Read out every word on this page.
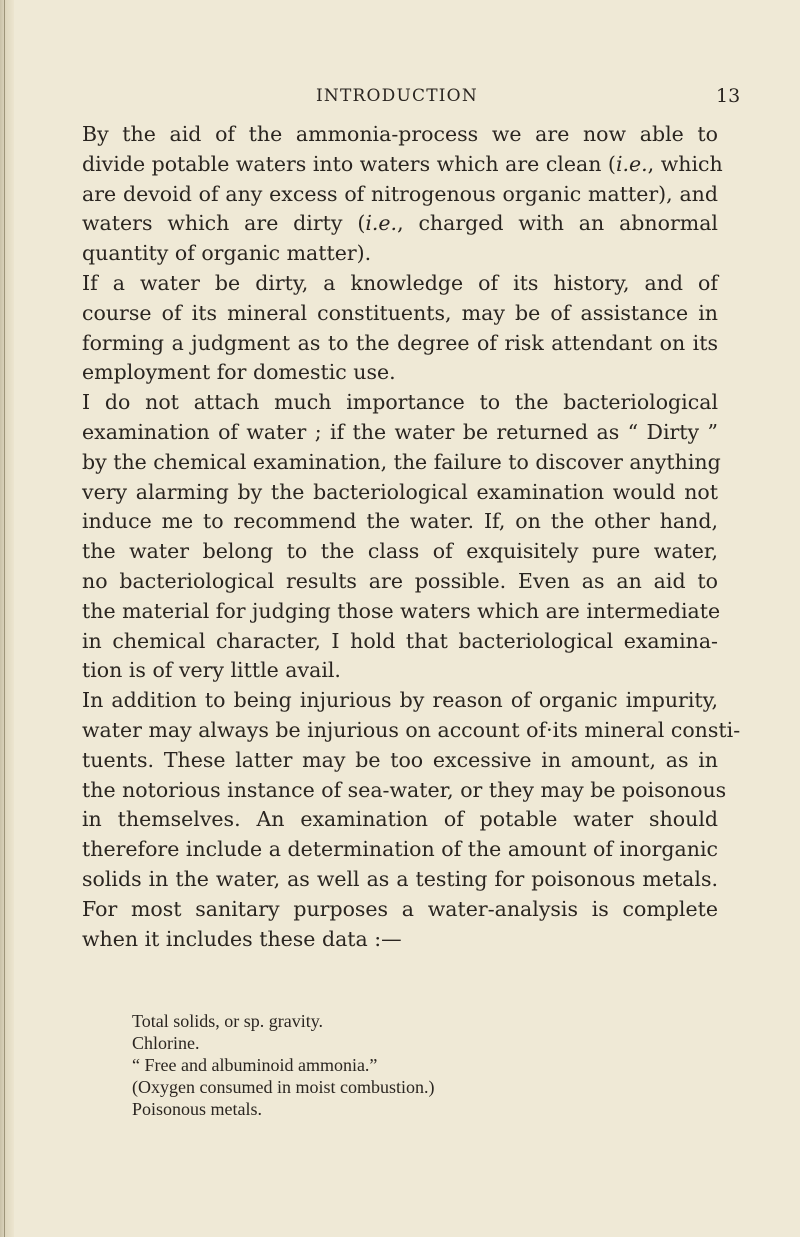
INTRODUCTION	13
By the aid of the ammonia-process we are now able to
divide potable waters into waters which are clean (i.e., which
are devoid of any excess of nitrogenous organic matter), and
waters which are dirty (i.e., charged with an abnormal
quantity of organic matter).
If a water be dirty, a knowledge of its history, and of
course of its mineral constituents, may be of assistance in
forming a judgment as to the degree of risk attendant on its
employment for domestic use.
I do not attach much importance to the bacteriological
examination of water ; if the water be returned as “ Dirty ”
by the chemical examination, the failure to discover anything
very alarming by the bacteriological examination would not
induce me to recommend the water. If, on the other hand,
the water belong to the class of exquisitely pure water,
no bacteriological results are possible. Even as an aid to
the material for judging those waters which are intermediate
in chemical character, I hold that bacteriological examina-
tion is of very little avail.
In addition to being injurious by reason of organic impurity,
water may always be injurious on account of·its mineral consti-
tuents. These latter may be too excessive in amount, as in
the notorious instance of sea-water, or they may be poisonous
in themselves. An examination of potable water should
therefore include a determination of the amount of inorganic
solids in the water, as well as a testing for poisonous metals.
For most sanitary purposes a water-analysis is complete
when it includes these data :—
Total solids, or sp. gravity.
Chlorine.
“ Free and albuminoid ammonia.”
(Oxygen consumed in moist combustion.)
Poisonous metals.
